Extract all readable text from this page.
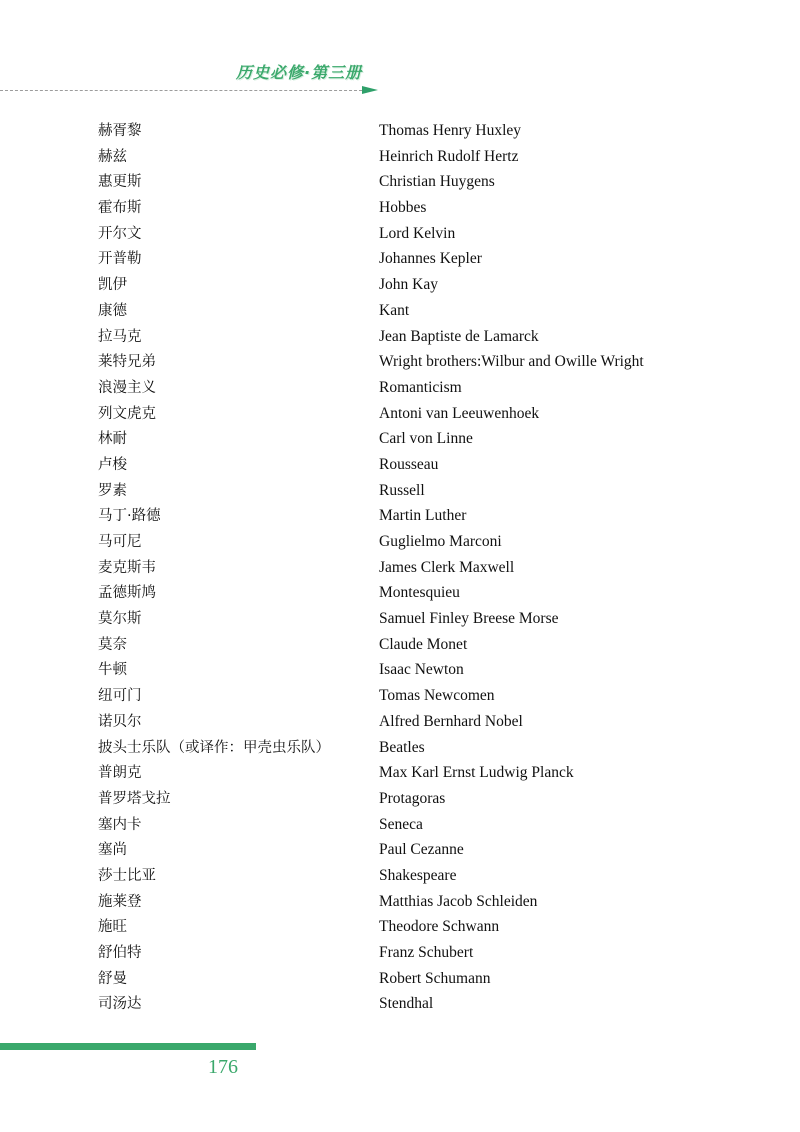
历史必修·第三册
赫胥黎	Thomas Henry Huxley
赫兹	Heinrich Rudolf Hertz
惠更斯	Christian Huygens
霍布斯	Hobbes
开尔文	Lord Kelvin
开普勒	Johannes Kepler
凯伊	John Kay
康德	Kant
拉马克	Jean Baptiste de Lamarck
莱特兄弟	Wright brothers:Wilbur and Owille Wright
浪漫主义	Romanticism
列文虎克	Antoni van Leeuwenhoek
林耐	Carl von Linne
卢梭	Rousseau
罗素	Russell
马丁·路德	Martin Luther
马可尼	Guglielmo Marconi
麦克斯韦	James Clerk Maxwell
孟德斯鸠	Montesquieu
莫尔斯	Samuel Finley Breese Morse
莫奈	Claude Monet
牛顿	Isaac Newton
纽可门	Tomas Newcomen
诺贝尔	Alfred Bernhard Nobel
披头士乐队（或译作：甲壳虫乐队）	Beatles
普朗克	Max Karl Ernst Ludwig Planck
普罗塔戈拉	Protagoras
塞内卡	Seneca
塞尚	Paul Cezanne
莎士比亚	Shakespeare
施莱登	Matthias Jacob Schleiden
施旺	Theodore Schwann
舒伯特	Franz Schubert
舒曼	Robert Schumann
司汤达	Stendhal
176
